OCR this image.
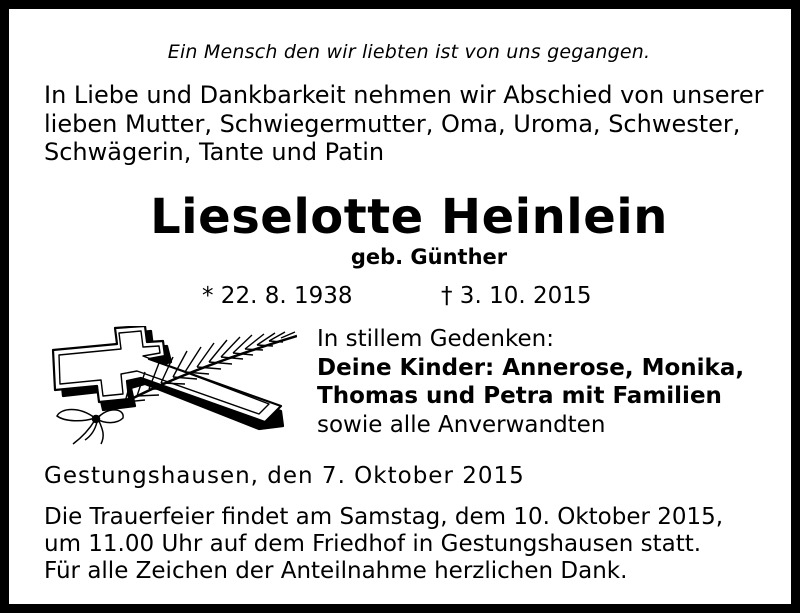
Ein Mensch den wir liebten ist von uns gegangen.
In Liebe und Dankbarkeit nehmen wir Abschied von unserer
lieben Mutter, Schwiegermutter, Oma, Uroma, Schwester,
Schwägerin, Tante und Patin
Lieselotte Heinlein
geb. Günther
* 22. 8. 1938	† 3. 10. 2015
In stillem Gedenken:
Deine Kinder: Annerose, Monika,
Thomas und Petra mit Familien
sowie alle Anverwandten
Gestungshausen, den 7. Oktober 2015
Die Trauerfeier findet am Samstag, dem 10. Oktober 2015,
um 11.00 Uhr auf dem Friedhof in Gestungshausen statt.
Für alle Zeichen der Anteilnahme herzlichen Dank.
